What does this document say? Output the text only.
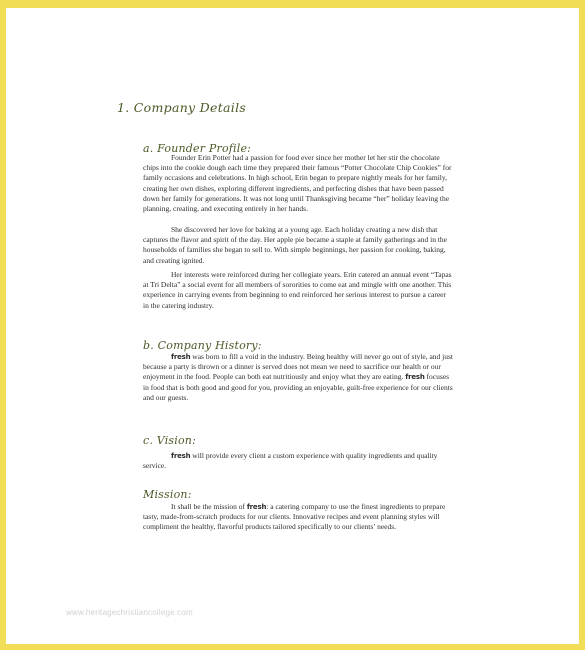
1. Company Details
a. Founder Profile:

Founder Erin Potter had a passion for food ever since her mother let her stir the chocolate chips into the cookie dough each time they prepared their famous “Potter Chocolate Chip Cookies” for family occasions and celebrations. In high school, Erin began to prepare nightly meals for her family, creating her own dishes, exploring different ingredients, and perfecting dishes that have been passed down her family for generations. It was not long until Thanksgiving became “her” holiday leaving the planning, creating, and executing entirely in her hands.

She discovered her love for baking at a young age. Each holiday creating a new dish that captures the flavor and spirit of the day. Her apple pie became a staple at family gatherings and in the households of families she began to sell to. With simple beginnings, her passion for cooking, baking, and creating ignited.

Her interests were reinforced during her collegiate years. Erin catered an annual event “Tapas at Tri Delta” a social event for all members of sororities to come eat and mingle with one another. This experience in carrying events from beginning to end reinforced her serious interest to pursue a career in the catering industry.

b. Company History:

fresh was born to fill a void in the industry. Being healthy will never go out of style, and just because a party is thrown or a dinner is served does not mean we need to sacrifice our health or our enjoyment in the food. People can both eat nutritiously and enjoy what they are eating. fresh focuses in food that is both good and good for you, providing an enjoyable, guilt-free experience for our clients and our guests.

c. Vision:

fresh will provide every client a custom experience with quality ingredients and quality service.

Mission:

It shall be the mission of fresh: a catering company to use the finest ingredients to prepare tasty, made-from-scratch products for our clients. Innovative recipes and event planning styles will compliment the healthy, flavorful products tailored specifically to our clients’ needs.

www.heritagechristiancollege.com
